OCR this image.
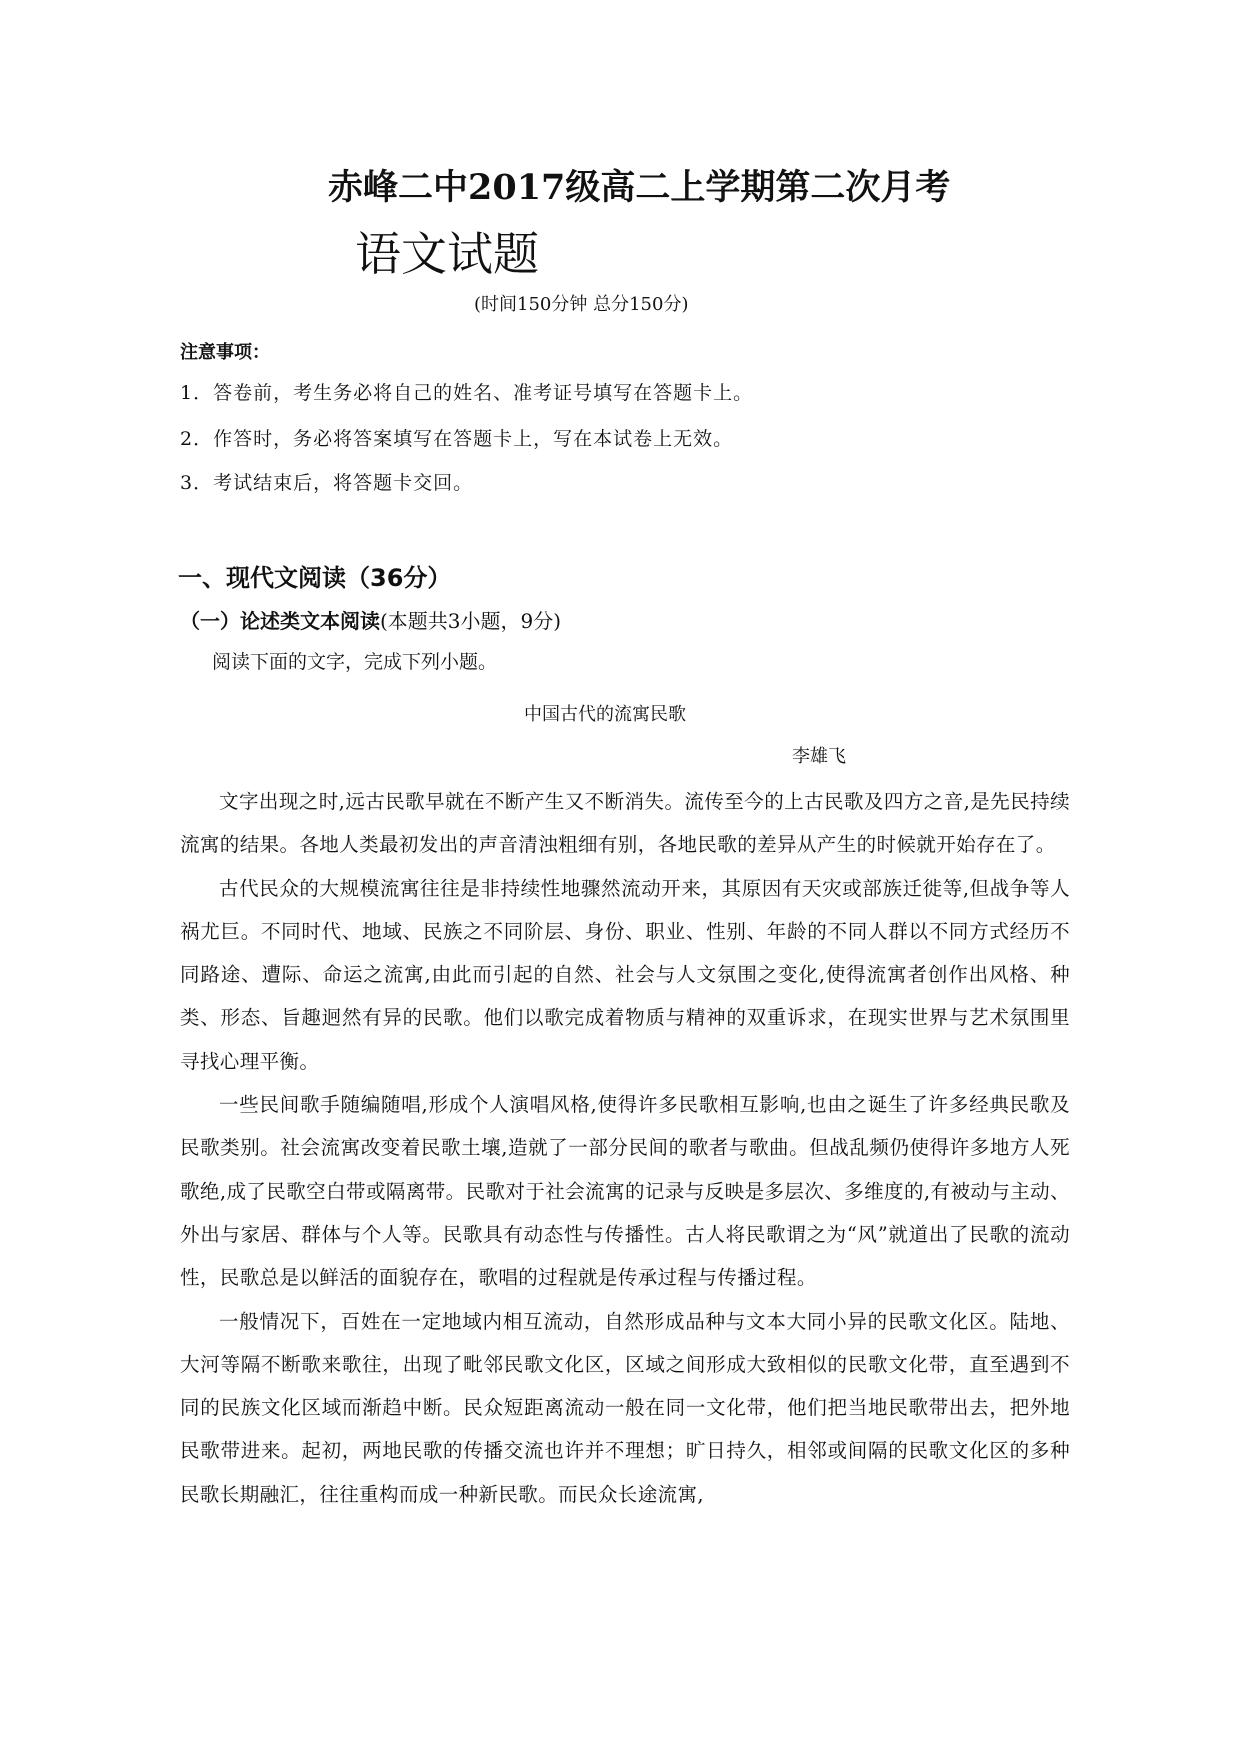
赤峰二中2017级高二上学期第二次月考
语文试题
(时间150分钟 总分150分)
注意事项：
1．答卷前，考生务必将自己的姓名、准考证号填写在答题卡上。
2．作答时，务必将答案填写在答题卡上，写在本试卷上无效。
3．考试结束后，将答题卡交回。
一、现代文阅读（36分）
（一）论述类文本阅读(本题共3小题，9分)
阅读下面的文字，完成下列小题。
中国古代的流寓民歌
李雄飞

文字出现之时,远古民歌早就在不断产生又不断消失。流传至今的上古民歌及四方之音,是先民持续流寓的结果。各地人类最初发出的声音清浊粗细有别，各地民歌的差异从产生的时候就开始存在了。

古代民众的大规模流寓往往是非持续性地骤然流动开来，其原因有天灾或部族迁徙等,但战争等人祸尤巨。不同时代、地域、民族之不同阶层、身份、职业、性别、年龄的不同人群以不同方式经历不同路途、遭际、命运之流寓,由此而引起的自然、社会与人文氛围之变化,使得流寓者创作出风格、种类、形态、旨趣迥然有异的民歌。他们以歌完成着物质与精神的双重诉求，在现实世界与艺术氛围里寻找心理平衡。

一些民间歌手随编随唱,形成个人演唱风格,使得许多民歌相互影响,也由之诞生了许多经典民歌及民歌类别。社会流寓改变着民歌土壤,造就了一部分民间的歌者与歌曲。但战乱频仍使得许多地方人死歌绝,成了民歌空白带或隔离带。民歌对于社会流寓的记录与反映是多层次、多维度的,有被动与主动、外出与家居、群体与个人等。民歌具有动态性与传播性。古人将民歌谓之为“风”就道出了民歌的流动性，民歌总是以鲜活的面貌存在，歌唱的过程就是传承过程与传播过程。

一般情况下，百姓在一定地域内相互流动，自然形成品种与文本大同小异的民歌文化区。陆地、大河等隔不断歌来歌往，出现了毗邻民歌文化区，区域之间形成大致相似的民歌文化带，直至遇到不同的民族文化区域而渐趋中断。民众短距离流动一般在同一文化带，他们把当地民歌带出去，把外地民歌带进来。起初，两地民歌的传播交流也许并不理想；旷日持久，相邻或间隔的民歌文化区的多种民歌长期融汇，往往重构而成一种新民歌。而民众长途流寓,
